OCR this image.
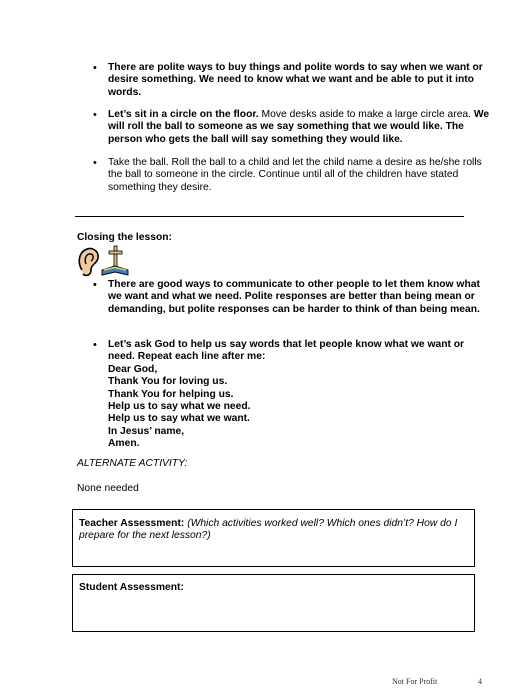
• There are polite ways to buy things and polite words to say when we want or desire something. We need to know what we want and be able to put it into words.
• Let’s sit in a circle on the floor. Move desks aside to make a large circle area. We will roll the ball to someone as we say something that we would like. The person who gets the ball will say something they would like.
• Take the ball. Roll the ball to a child and let the child name a desire as he/she rolls the ball to someone in the circle. Continue until all of the children have stated something they desire.
Closing the lesson:
• There are good ways to communicate to other people to let them know what we want and what we need. Polite responses are better than being mean or demanding, but polite responses can be harder to think of than being mean.
• Let’s ask God to help us say words that let people know what we want or
need. Repeat each line after me:
Dear God,
Thank You for loving us.
Thank You for helping us.
Help us to say what we need.
Help us to say what we want.
In Jesus’ name,
Amen.
ALTERNATE ACTIVITY:
None needed
Teacher Assessment: (Which activities worked well? Which ones didn’t? How do I prepare for the next lesson?)
Student Assessment:
Not For Profit	4
